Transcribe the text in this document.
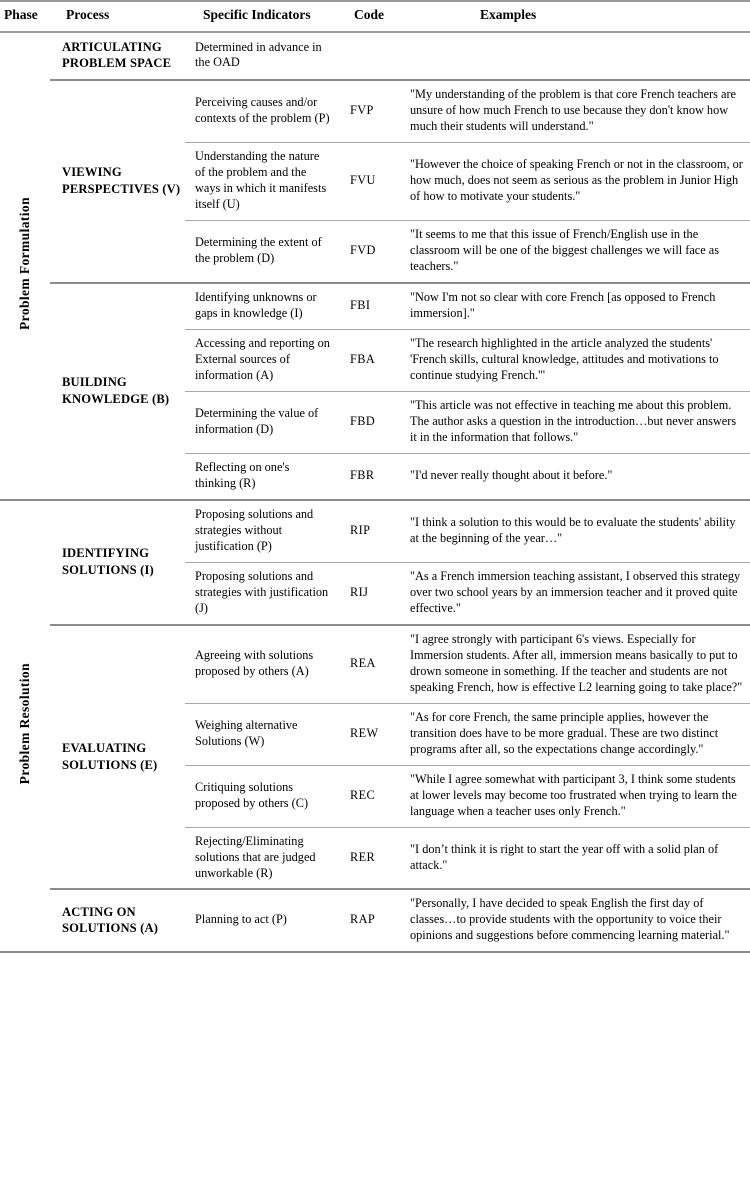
Phase	Process	Specific Indicators	Code	Examples
Problem Formulation	ARTICULATING PROBLEM SPACE	Determined in advance in the OAD		
	VIEWING PERSPECTIVES (V)	Perceiving causes and/or contexts of the problem (P)	FVP	"My understanding of the problem is that core French teachers are unsure of how much French to use because they don't know how much their students will understand."
		Understanding the nature of the problem and the ways in which it manifests itself (U)	FVU	"However the choice of speaking French or not in the classroom, or how much, does not seem as serious as the problem in Junior High of how to motivate your students."
		Determining the extent of the problem (D)	FVD	"It seems to me that this issue of French/English use in the classroom will be one of the biggest challenges we will face as teachers."
	BUILDING KNOWLEDGE (B)	Identifying unknowns or gaps in knowledge (I)	FBI	"Now I'm not so clear with core French [as opposed to French immersion]."
		Accessing and reporting on External sources of information (A)	FBA	"The research highlighted in the article analyzed the students' 'French skills, cultural knowledge, attitudes and motivations to continue studying French.'"
		Determining the value of information (D)	FBD	"This article was not effective in teaching me about this problem. The author asks a question in the introduction…but never answers it in the information that follows."
		Reflecting on one's thinking (R)	FBR	"I'd never really thought about it before."
Problem Resolution	IDENTIFYING SOLUTIONS (I)	Proposing solutions and strategies without justification (P)	RIP	"I think a solution to this would be to evaluate the students' ability at the beginning of the year…"
		Proposing solutions and strategies with justification (J)	RIJ	"As a French immersion teaching assistant, I observed this strategy over two school years by an immersion teacher and it proved quite effective."
	EVALUATING SOLUTIONS (E)	Agreeing with solutions proposed by others (A)	REA	"I agree strongly with participant 6's views. Especially for Immersion students. After all, immersion means basically to put to drown someone in something. If the teacher and students are not speaking French, how is effective L2 learning going to take place?"
		Weighing alternative Solutions (W)	REW	"As for core French, the same principle applies, however the transition does have to be more gradual. These are two distinct programs after all, so the expectations change accordingly."
		Critiquing solutions proposed by others (C)	REC	"While I agree somewhat with participant 3, I think some students at lower levels may become too frustrated when trying to learn the language when a teacher uses only French."
		Rejecting/Eliminating solutions that are judged unworkable (R)	RER	"I don’t think it is right to start the year off with a solid plan of attack."
	ACTING ON SOLUTIONS (A)	Planning to act (P)	RAP	"Personally, I have decided to speak English the first day of classes…to provide students with the opportunity to voice their opinions and suggestions before commencing learning material."
